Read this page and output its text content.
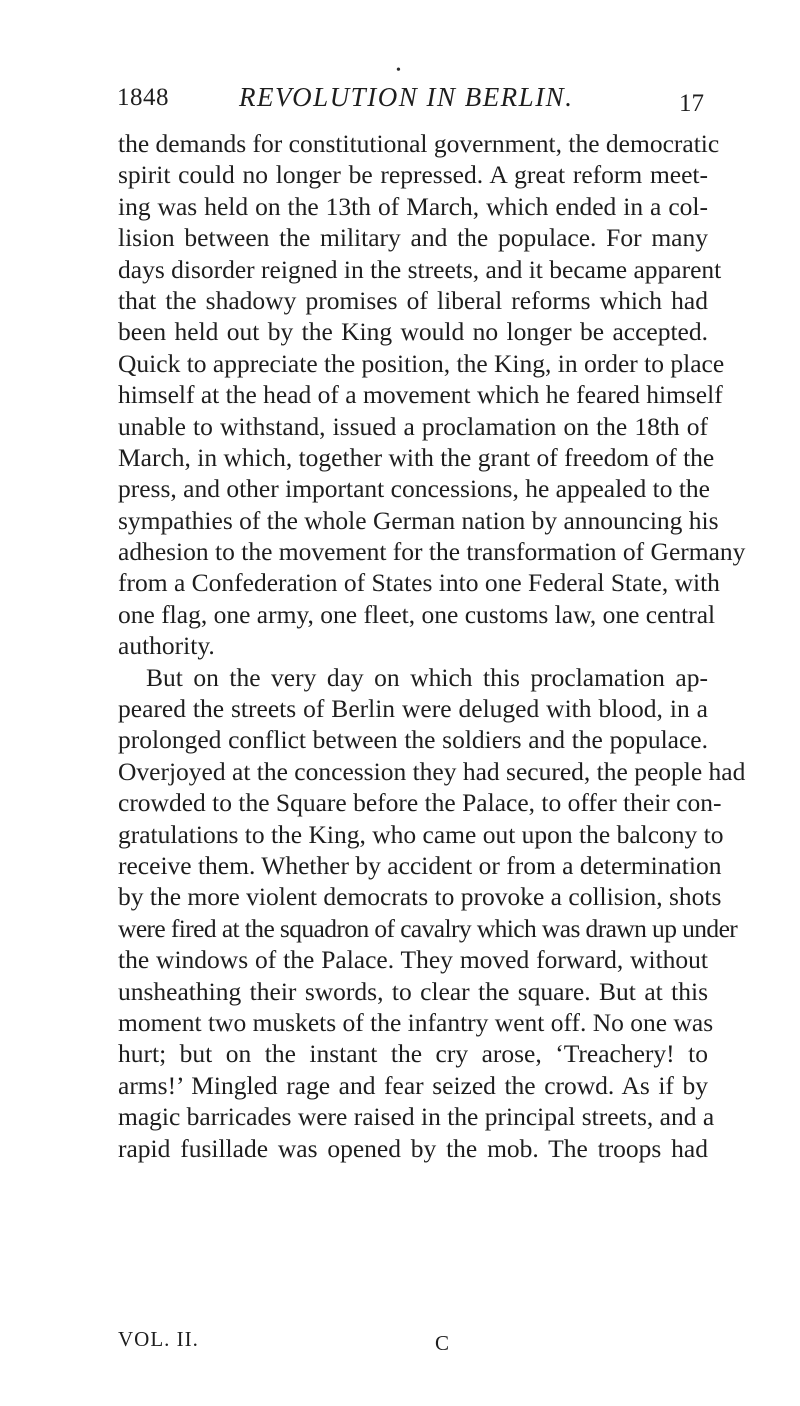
•
1848	REVOLUTION IN BERLIN.	17
the demands for constitutional government, the democratic
spirit could no longer be repressed. A great reform meet-
ing was held on the 13th of March, which ended in a col-
lision between the military and the populace. For many
days disorder reigned in the streets, and it became apparent
that the shadowy promises of liberal reforms which had
been held out by the King would no longer be accepted.
Quick to appreciate the position, the King, in order to place
himself at the head of a movement which he feared himself
unable to withstand, issued a proclamation on the 18th of
March, in which, together with the grant of freedom of the
press, and other important concessions, he appealed to the
sympathies of the whole German nation by announcing his
adhesion to the movement for the transformation of Germany
from a Confederation of States into one Federal State, with
one flag, one army, one fleet, one customs law, one central
authority.
But on the very day on which this proclamation ap-
peared the streets of Berlin were deluged with blood, in a
prolonged conflict between the soldiers and the populace.
Overjoyed at the concession they had secured, the people had
crowded to the Square before the Palace, to offer their con-
gratulations to the King, who came out upon the balcony to
receive them. Whether by accident or from a determination
by the more violent democrats to provoke a collision, shots
were fired at the squadron of cavalry which was drawn up under
the windows of the Palace. They moved forward, without
unsheathing their swords, to clear the square. But at this
moment two muskets of the infantry went off. No one was
hurt; but on the instant the cry arose, ‘Treachery! to
arms!’ Mingled rage and fear seized the crowd. As if by
magic barricades were raised in the principal streets, and a
rapid fusillade was opened by the mob. The troops had
VOL. II.	C
